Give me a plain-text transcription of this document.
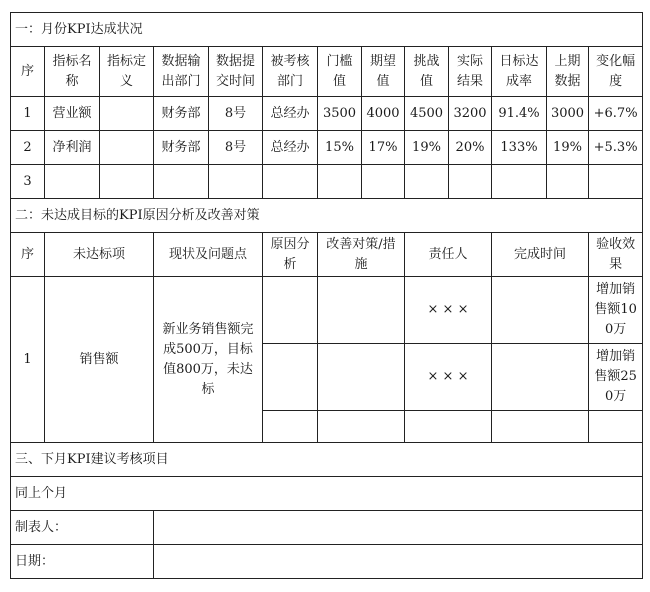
一：月份KPI达成状况												
序	指标名称	指标定义	数据输出部门	数据提交时间	被考核部门	门槛值	期望值	挑战值	实际结果	日标达成率	上期数据	变化幅度
1	营业额		财务部	8号	总经办	3500	4000	4500	3200	91.4%	3000	+6.7%
2	净利润		财务部	8号	总经办	15%	17%	19%	20%	133%	19%	+5.3%
3												
二：未达成目标的KPI原因分析及改善对策												
序	未达标项		现状及问题点		原因分析	改善对策/措施		责任人		完成时间		验收效果
1	销售额		新业务销售额完成500万，目标值800万，未达标					× × ×				增加销售额100万
								× × ×				增加销售额250万

三、下月KPI建议考核项目												
同上个月												
制表人：												
日期：												
